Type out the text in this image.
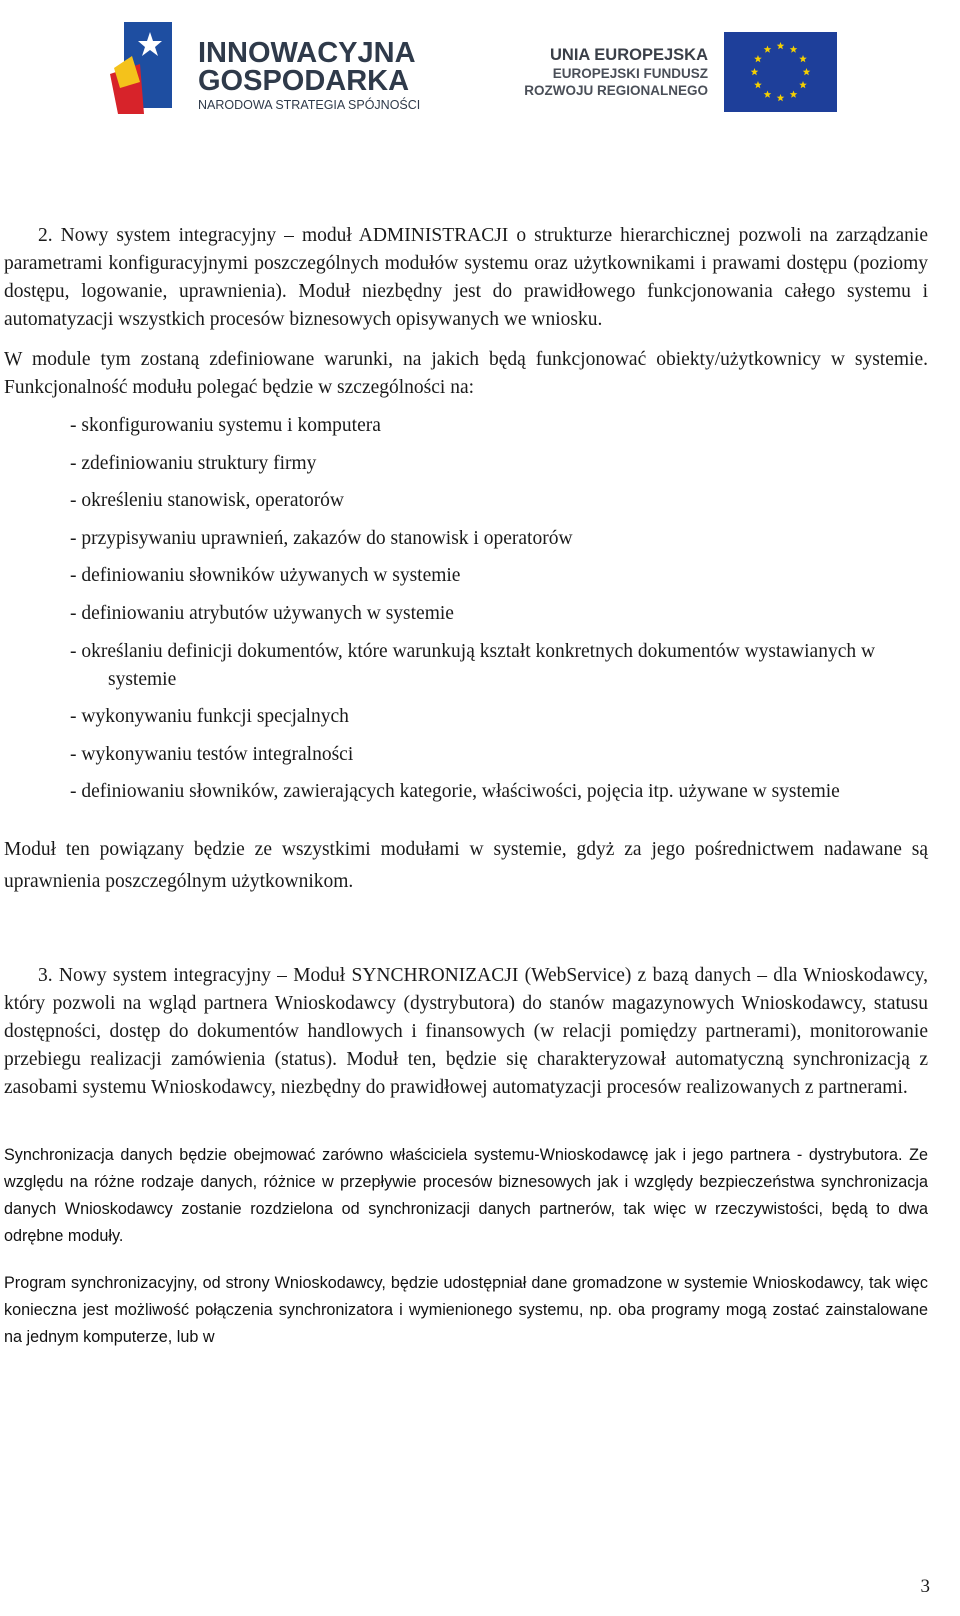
INNOWACYJNA
GOSPODARKA
NARODOWA STRATEGIA SPÓJNOŚCI
UNIA EUROPEJSKA
EUROPEJSKI FUNDUSZ
ROZWOJU REGIONALNEGO

2. Nowy system integracyjny – moduł ADMINISTRACJI o strukturze hierarchicznej pozwoli na zarządzanie parametrami konfiguracyjnymi poszczególnych modułów systemu oraz użytkownikami i prawami dostępu (poziomy dostępu, logowanie, uprawnienia). Moduł niezbędny jest do prawidłowego funkcjonowania całego systemu i automatyzacji wszystkich procesów biznesowych opisywanych we wniosku.

W module tym zostaną zdefiniowane warunki, na jakich będą funkcjonować obiekty/użytkownicy w systemie. Funkcjonalność modułu polegać będzie w szczególności na:

- skonfigurowaniu systemu i komputera
- zdefiniowaniu struktury firmy
- określeniu stanowisk, operatorów
- przypisywaniu uprawnień, zakazów do stanowisk i operatorów
- definiowaniu słowników używanych w systemie
- definiowaniu atrybutów używanych w systemie
- określaniu definicji dokumentów, które warunkują kształt konkretnych dokumentów wystawianych w systemie
- wykonywaniu funkcji specjalnych
- wykonywaniu testów integralności
- definiowaniu słowników, zawierających kategorie, właściwości, pojęcia itp. używane w systemie

Moduł ten powiązany będzie ze wszystkimi modułami w systemie, gdyż za jego pośrednictwem nadawane są uprawnienia poszczególnym użytkownikom.

3. Nowy system integracyjny – Moduł SYNCHRONIZACJI (WebService) z bazą danych – dla Wnioskodawcy, który pozwoli na wgląd partnera Wnioskodawcy (dystrybutora) do stanów magazynowych Wnioskodawcy, statusu dostępności, dostęp do dokumentów handlowych i finansowych (w relacji pomiędzy partnerami), monitorowanie przebiegu realizacji zamówienia (status). Moduł ten, będzie się charakteryzował automatyczną synchronizacją z zasobami systemu Wnioskodawcy, niezbędny do prawidłowej automatyzacji procesów realizowanych z partnerami.

Synchronizacja danych będzie obejmować zarówno właściciela systemu-Wnioskodawcę jak i jego partnera - dystrybutora. Ze względu na różne rodzaje danych, różnice w przepływie procesów biznesowych jak i względy bezpieczeństwa synchronizacja danych Wnioskodawcy zostanie rozdzielona od synchronizacji danych partnerów, tak więc w rzeczywistości, będą to dwa odrębne moduły.

Program synchronizacyjny, od strony Wnioskodawcy, będzie udostępniał dane gromadzone w systemie Wnioskodawcy, tak więc konieczna jest możliwość połączenia synchronizatora i wymienionego systemu, np. oba programy mogą zostać zainstalowane na jednym komputerze, lub w

3
